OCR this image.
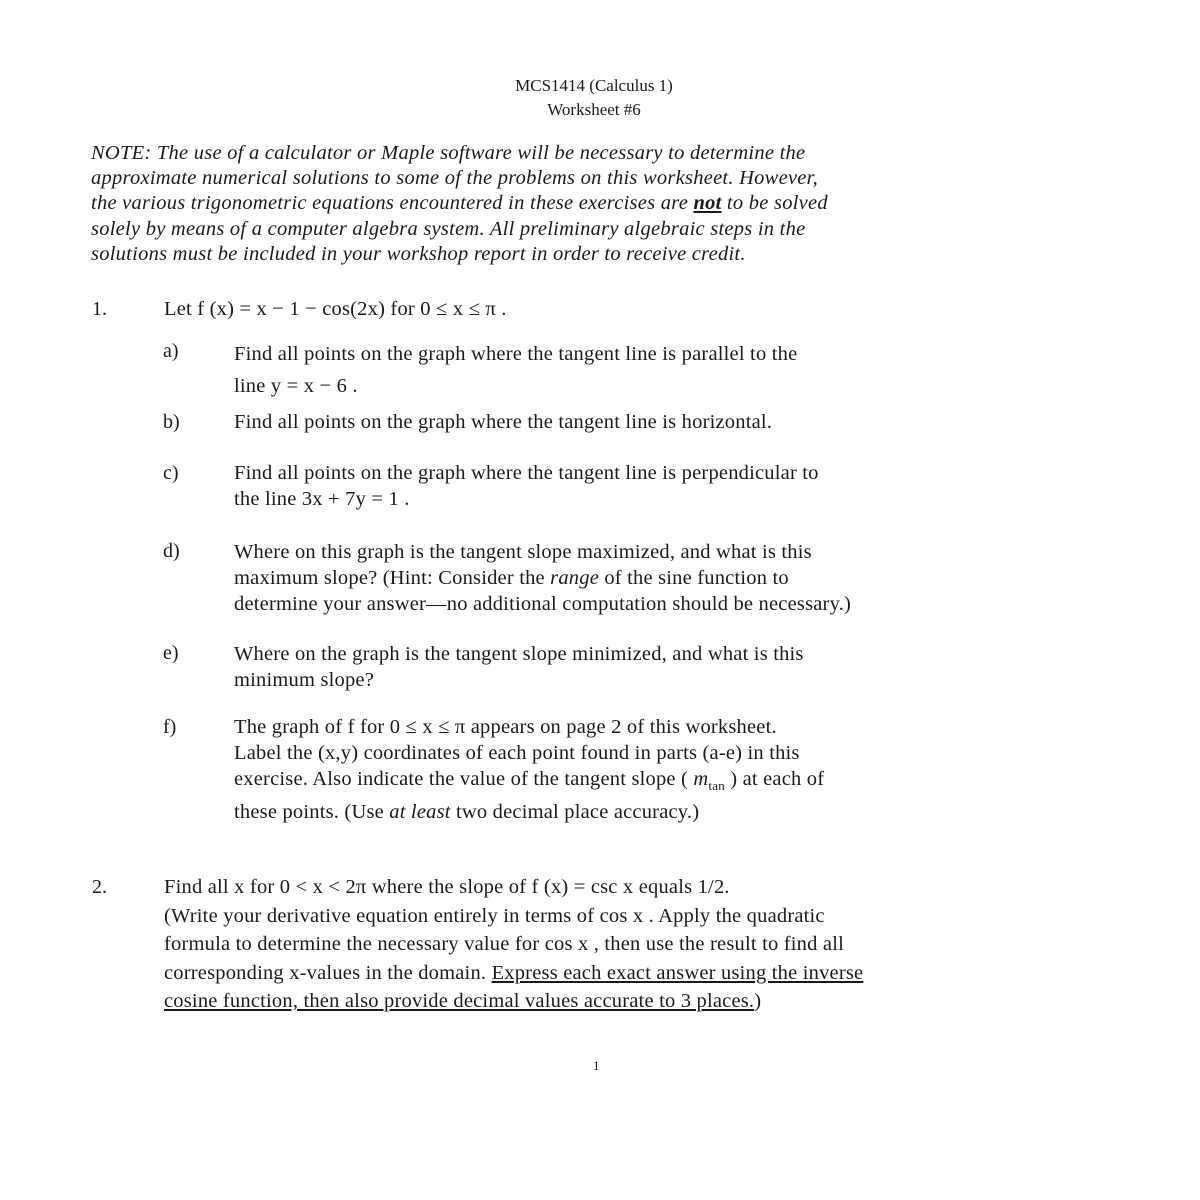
MCS1414 (Calculus 1)
Worksheet #6
NOTE: The use of a calculator or Maple software will be necessary to determine the
approximate numerical solutions to some of the problems on this worksheet. However,
the various trigonometric equations encountered in these exercises are not to be solved
solely by means of a computer algebra system. All preliminary algebraic steps in the
solutions must be included in your workshop report in order to receive credit.
1.	Let f (x) = x − 1 − cos(2x) for 0 ≤ x ≤ π .
a)	Find all points on the graph where the tangent line is parallel to the
line y = x − 6 .
b)	Find all points on the graph where the tangent line is horizontal.
c)	Find all points on the graph where the tangent line is perpendicular to
the line 3x + 7y = 1 .
d)	Where on this graph is the tangent slope maximized, and what is this
maximum slope? (Hint: Consider the range of the sine function to
determine your answer—no additional computation should be necessary.)
e)	Where on the graph is the tangent slope minimized, and what is this
minimum slope?
f)	The graph of f for 0 ≤ x ≤ π appears on page 2 of this worksheet.
Label the (x,y) coordinates of each point found in parts (a-e) in this
exercise. Also indicate the value of the tangent slope ( $m_{tan}$ ) at each of
these points. (Use at least two decimal place accuracy.)
2.	Find all x for 0 < x < 2π where the slope of f (x) = csc x equals 1/2.
(Write your derivative equation entirely in terms of cos x . Apply the quadratic
formula to determine the necessary value for cos x , then use the result to find all
corresponding x-values in the domain. Express each exact answer using the inverse
cosine function, then also provide decimal values accurate to 3 places.)
1
